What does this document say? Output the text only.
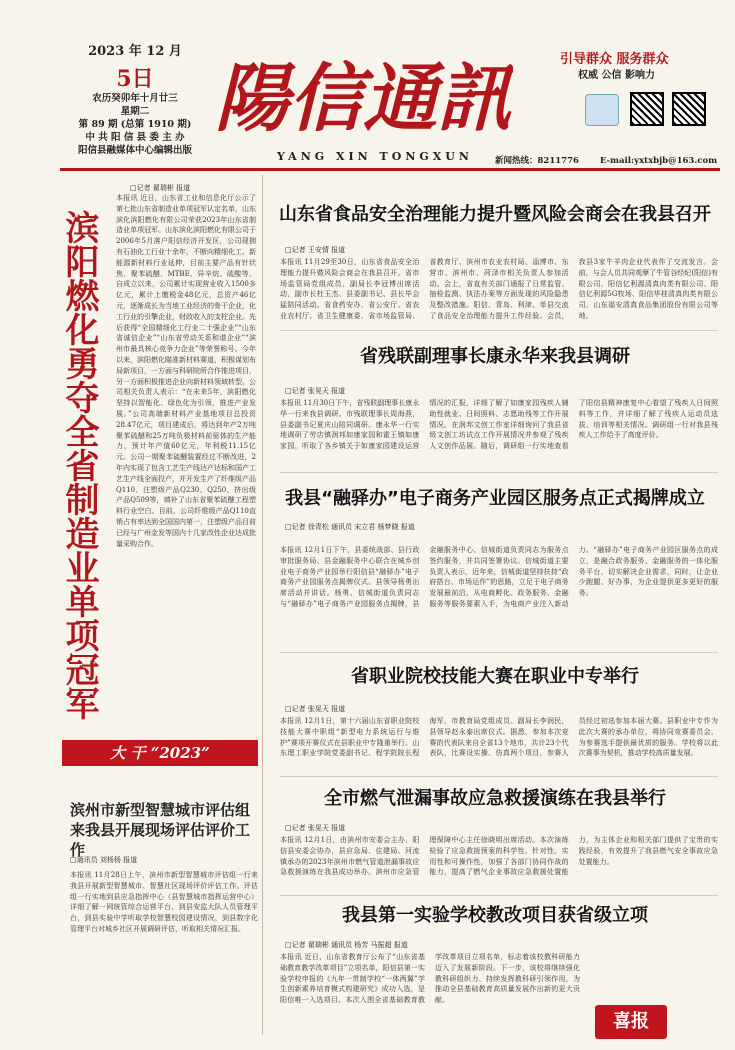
2023 年 12 月
5日
农历癸卯年十月廿三
星期二
第 89 期 (总第 1910 期)
中 共 阳 信 县 委 主 办
阳信县融媒体中心编辑出版
陽 信 通 訊
YANG XIN TONGXUN
引导群众 服务群众
权威 公信 影响力
新闻热线：8211776 E-mail:yxtxbjb@163.com
滨阳燃化勇夺全省制造业单项冠军
□记者 翟瑞彬 报道
本报讯 近日，山东省工业和信息化厅公示了第七批山东省制造业单项冠军认定名单，山东滨化滨阳燃化有限公司荣获2023年山东省制造业单项冠军。山东滨化滨阳燃化有限公司于2006年5月落户阳信经济开发区，公司现拥有石油化工行业十余年，不断向精细化工、新能源新材料行业延伸，目前主要产品有针状焦、聚苯硫醚、MTBE、异辛烷、硫酸等。自成立以来，公司累计实现营业收入1500多亿元，累计上缴税金48亿元，总资产46亿元，逐渐成长为当地工业经济的骨干企业，化工行业的引擎企业，财政收入的支柱企业。先后获得“全国精细化工行业二十强企业”“山东省诚信企业”“山东省劳动关系和谐企业”“滨州市最具核心竞争力企业”等荣誉称号。今年以来，滨阳燃化瞄准新材料赛道，积极谋划布局新项目，一方面与科研院所合作推进项目，另一方面积极推进企业向新材料领域转型。公司相关负责人表示：“在未来5年，滨阳燃化坚持以智能化、绿色化为引领，推进产业发展。”公司高端新材料产业基地项目总投资28.47亿元，项目建成后，将达到年产2万吨聚苯硫醚和25万吨负极材料前驱体的生产能力，预计年产值60亿元，年利税11.15亿元。公司一期聚苯硫醚装置经过不断改进，2年内实现了包含工艺生产线达产达标和国产工艺生产线全面投产，并开发生产了纤维级产品Q110、注塑级产品Q230、Q250、挤出级产品Q509等，填补了山东省聚苯硫醚工程塑料行业空白。目前，公司纤维级产品Q110直销占有率达到全国国内第一，注塑级产品目前已经与广州金发等国内十几家改性企业达成批量采购合作。
大 干 “2023”
滨州市新型智慧城市评估组来我县开展现场评估评价工作
□通讯员 刘杨杨 报道
本报讯 11月28日上午，滨州市新型智慧城市评估组一行来我县开展新型智慧城市、智慧社区现场评价评估工作。评估组一行实地到县应急指挥中心（县智慧城市指挥运营中心）详细了解一网统管综合运营平台、到县安监大队人员管理平台，到县实验中学听取学校智慧校园建设情况，到县数字化管理平台对城乡社区开展调研评估，听取相关情况汇报。
山东省食品安全治理能力提升暨风险会商会在我县召开
□记者 王安情 报道
本报讯 11月29至30日，山东省食品安全治理能力提升暨风险会商会在我县召开。省市场监管局党组成员、副局长李冠博出席活动，副市长杜玉杰、县委副书记、县长毕会猛陪同活动。省食药安办、省公安厅、省农业农村厅、省卫生健康委、省市场监管局、省教育厅、滨州市农业农村局、淄博市、东营市、滨州市、菏泽市相关负责人参加活动。会上，省直有关部门通报了日常监管、抽检监测、执法办案等方面发现的风险隐患及整改措施。阳信、青岛、利津、单县交流了食品安全治理能力提升工作经验。会员，我县3家牛羊肉企业代表作了交流发言。会前，与会人员共同观摩了牛管谷经纪(阳信)有限公司、阳信亿利源清真肉类有限公司、阳信亿利源5G牧场、阳信华桂清真肉类有限公司、山东福安清真食品集团股份有限公司等地。
省残联副理事长康永华来我县调研
□记者 张晃天 报道
本报讯 11月30日下午，省残联副理事长康永华一行来我县调研。市残联理事长周海燕，县委副书记夏庆山陪同调研。康永华一行实地调研了劳店镇润邦如康家园和霍王镇如康家园，听取了各乡镇关于如康家园建设运营情况的汇报，详细了解了如康家园残疾人辅助性就业、日间照料、志愿助残等工作开展情况。在润邦文创工作室详细询问了我县省级文创工坊试点工作开展情况并参观了残疾人文创作品展。随后，调研组一行实地查看了阳信县精神康复中心看望了残疾人日间照料等工作，并详细了解了残疾人运动员选拔、培训等相关情况。调研组一行对我县残疾人工作给予了高度评价。
我县“融驿办”电子商务产业园区服务点正式揭牌成立
□记者 徐青松 通讯员 宋立君 杨梦晓 报道
本报讯 12月1日下午，县委统战部、县行政审批服务局、县金融服务中心联合在城乡创业电子商务产业园举行阳信县“融驿办”电子商务产业园服务点揭牌仪式。县领导杨勇出席活动并讲话。杨勇、信城街道负责同志与“融驿办”电子商务产业园服务点揭牌，县金融服务中心、信城街道负责同志为服务点签约服务，并共同签署协议。信城街道主要负责人表示，近年来，信城街道坚持扶持“政府搭台、市场运作”的思路，立足于电子商务发展最前沿，从电商孵化、政务服务、金融服务等服务要素入手，为电商产业注入新动力。“融驿办”电子商务产业园区服务点的成立，是融合政务服务、金融服务的一体化服务平台，切实解决企业需求，同时，让企业少跑腿、好办事，为企业提供更多更好的服务。
省职业院校技能大赛在职业中专举行
□记者 张晃天 报道
本报讯 12月1日，第十六届山东省职业院校技能大赛中职组“新型电力系统运行与维护”赛项开赛仪式在县职业中专隆重举行。山东理工职业学院党委副书记、程学院院长程海军，市教育局党组成员、副局长李润民，县领导赵永泰出席仪式。据悉，参加本次竞赛的代表队来自全省13个地市，共计23个代表队，比赛设实操、仿真两个项目，参赛人员经过初选参加本届大赛。县职业中专作为此次大赛的承办单位，将协同竞赛委员会，为参赛选手提供最优质的服务。学校将以此次赛事为契机，推动学校高质量发展。
全市燃气泄漏事故应急救援演练在我县举行
□记者 张晃天 报道
本报讯 12月1日，由滨州市安委会主办，阳信县安委会协办，县应急局、住建局、河流镇承办的2023年滨州市燃气管道泄漏事故应急救援演练在我县成功举办。滨州市应急管理保障中心主任徐晓明出席活动。本次演练检验了应急救援预案的科学性、针对性、实用性和可操作性，加强了各部门协同作战的能力，提高了燃气企业事故应急救援处置能力，为主体企业和相关部门提供了宝贵的实践经验，有效提升了我县燃气安全事故应急处置能力。
我县第一实验学校教改项目获省级立项
□记者 翟瑞彬 通讯员 杨芳 马振超 报道
本报讯 近日，山东省教育厅公布了“山东省基础教育教学改革项目”立项名单，阳信县第一实验学校申报的《九年一贯制学校“一体两翼”学生创新素养培育模式构建研究》成功入选，是阳信唯一入选项目。本次入围全省基础教育教学改革项目立项名单，标志着该校教科研能力迈入了发展新阶段。下一步，该校将继续强化教科研组织力、持续发挥教科研引领作用，为推动全县基础教育高质量发展作出新的更大贡献。
喜报
